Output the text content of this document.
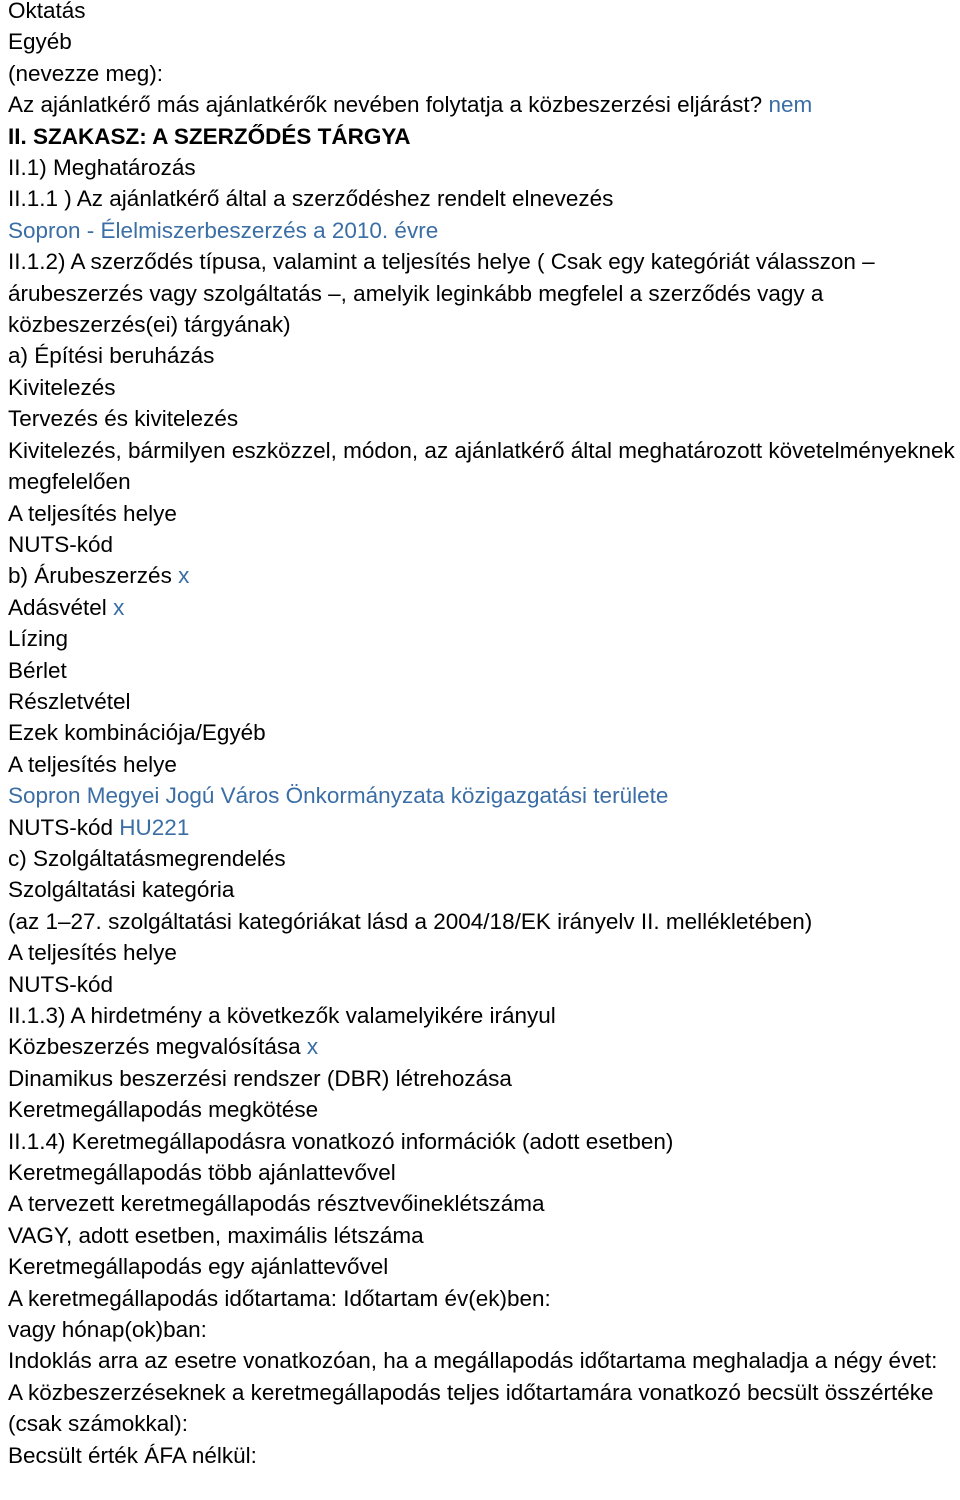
Oktatás
Egyéb
(nevezze meg):
Az ajánlatkérő más ajánlatkérők nevében folytatja a közbeszerzési eljárást? nem
II. SZAKASZ: A SZERZŐDÉS TÁRGYA
II.1) Meghatározás
II.1.1 ) Az ajánlatkérő által a szerződéshez rendelt elnevezés
Sopron - Élelmiszerbeszerzés a 2010. évre
II.1.2) A szerződés típusa, valamint a teljesítés helye ( Csak egy kategóriát válasszon – árubeszerzés vagy szolgáltatás –, amelyik leginkább megfelel a szerződés vagy a közbeszerzés(ei) tárgyának)
a) Építési beruházás
Kivitelezés
Tervezés és kivitelezés
Kivitelezés, bármilyen eszközzel, módon, az ajánlatkérő által meghatározott követelményeknek megfelelően
A teljesítés helye
NUTS-kód
b) Árubeszerzés x
Adásvétel x
Lízing
Bérlet
Részletvétel
Ezek kombinációja/Egyéb
A teljesítés helye
Sopron Megyei Jogú Város Önkormányzata közigazgatási területe
NUTS-kód HU221
c) Szolgáltatásmegrendelés
Szolgáltatási kategória
(az 1–27. szolgáltatási kategóriákat lásd a 2004/18/EK irányelv II. mellékletében)
A teljesítés helye
NUTS-kód
II.1.3) A hirdetmény a következők valamelyikére irányul
Közbeszerzés megvalósítása x
Dinamikus beszerzési rendszer (DBR) létrehozása
Keretmegállapodás megkötése
II.1.4) Keretmegállapodásra vonatkozó információk (adott esetben)
Keretmegállapodás több ajánlattevővel
A tervezett keretmegállapodás résztvevőineklétszáma
VAGY, adott esetben, maximális létszáma
Keretmegállapodás egy ajánlattevővel
A keretmegállapodás időtartama: Időtartam év(ek)ben:
vagy hónap(ok)ban:
Indoklás arra az esetre vonatkozóan, ha a megállapodás időtartama meghaladja a négy évet:
A közbeszerzéseknek a keretmegállapodás teljes időtartamára vonatkozó becsült összértéke (csak számokkal):
Becsült érték ÁFA nélkül:
